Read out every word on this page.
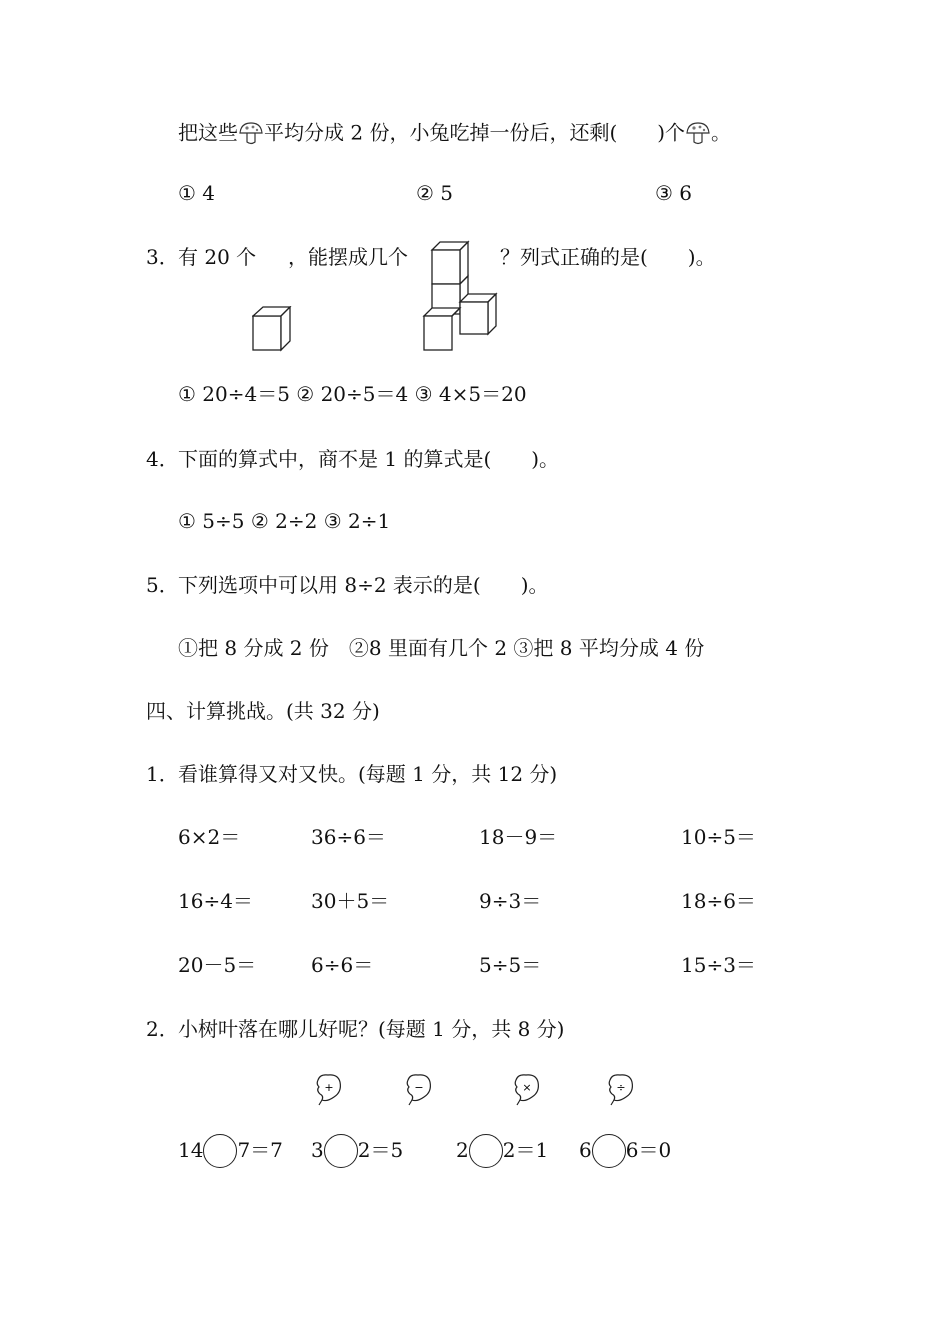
把这些 平均分成 2 份，小兔吃掉一份后，还剩(　　)个 。
① 4	② 5	③ 6
3． 有 20 个 ，能摆成几个	？列式正确的是(　　)。
① 20÷4＝5 ② 20÷5＝4 ③ 4×5＝20
4． 下面的算式中，商不是 1 的算式是(　　)。
① 5÷5 ② 2÷2 ③ 2÷1
5． 下列选项中可以用 8÷2 表示的是(　　)。
①把 8 分成 2 份　②8 里面有几个 2 ③把 8 平均分成 4 份
四、计算挑战。(共 32 分)
1． 看谁算得又对又快。(每题 1 分，共 12 分)
6×2＝	36÷6＝	18－9＝	10÷5＝
16÷4＝	30＋5＝	9÷3＝	18÷6＝
20－5＝	6÷6＝	5÷5＝	15÷3＝
2． 小树叶落在哪儿好呢？(每题 1 分，共 8 分)
+	−	×	÷
14 7＝7 3 2＝5	2 2＝1 6 6＝0
